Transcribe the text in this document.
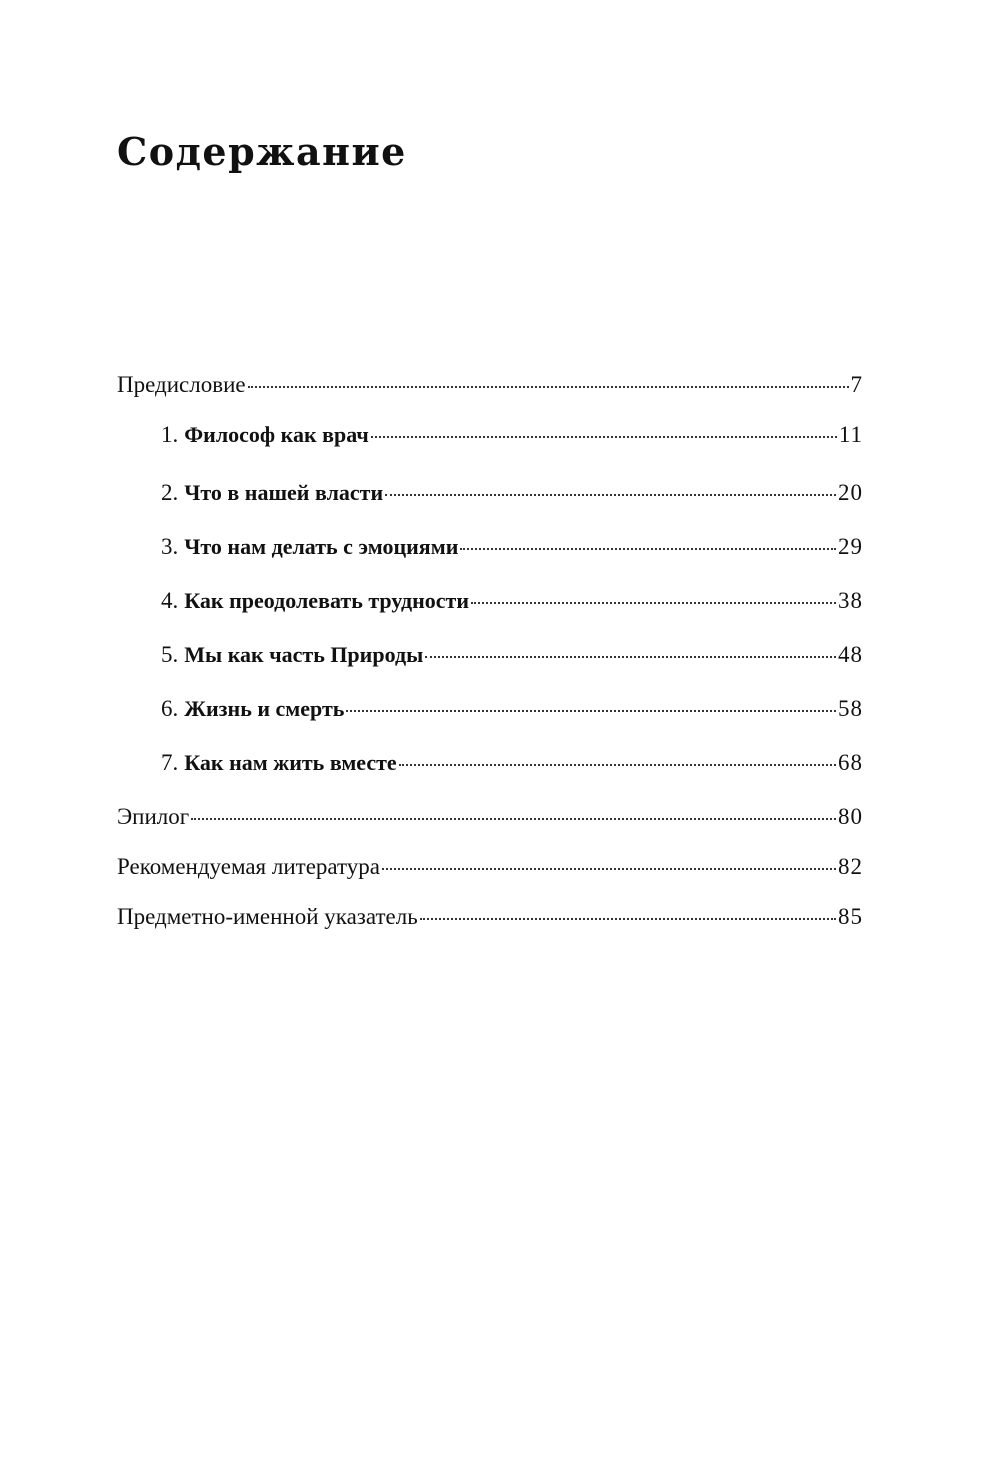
Содержание
Предисловие	7
1. Философ как врач	11
2. Что в нашей власти	20
3. Что нам делать с эмоциями	29
4. Как преодолевать трудности	38
5. Мы как часть Природы	48
6. Жизнь и смерть	58
7. Как нам жить вместе	68
Эпилог	80
Рекомендуемая литература	82
Предметно-именной указатель	85
